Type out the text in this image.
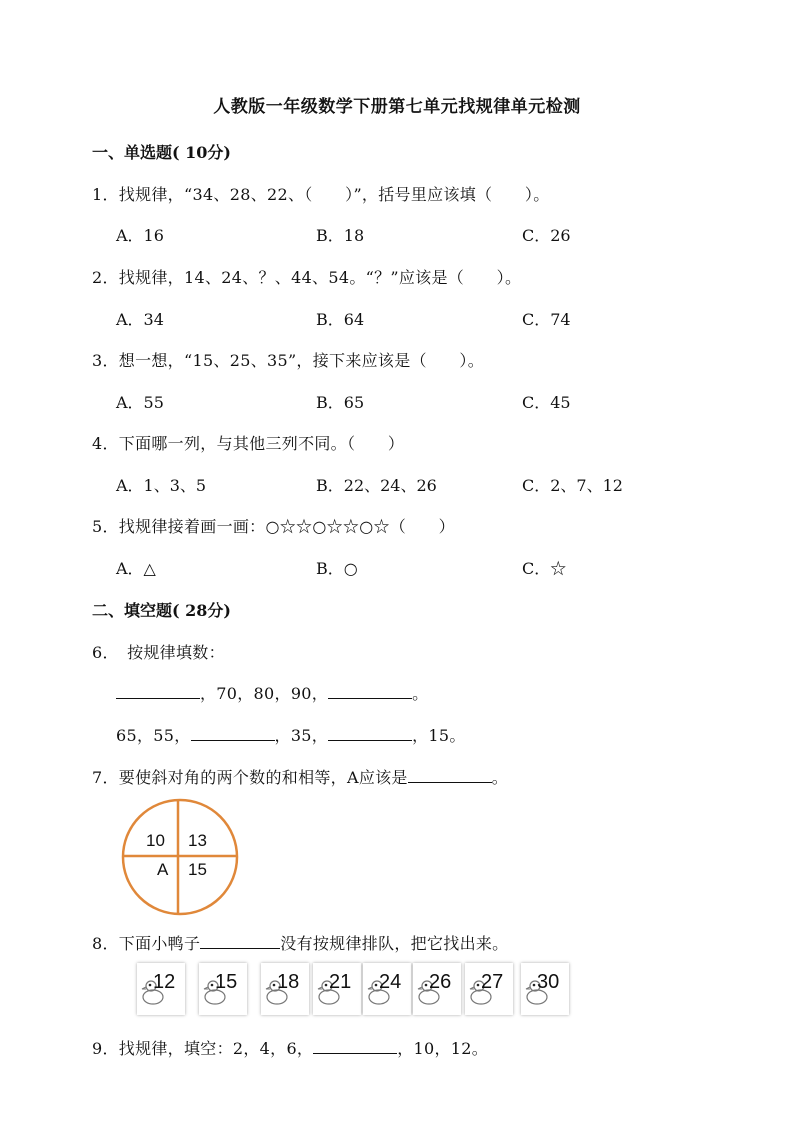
人教版一年级数学下册第七单元找规律单元检测
一、单选题( 10分)
1．找规律，“34、28、22、（　　）”，括号里应该填（　　）。
A．16	B．18	C．26
2．找规律，14、24、？、44、54。“？”应该是（　　）。
A．34	B．64	C．74
3．想一想，“15、25、35”，接下来应该是（　　）。
A．55	B．65	C．45
4．下面哪一列，与其他三列不同。（　　）
A．1、3、5	B．22、24、26	C．2、7、12
5．找规律接着画一画：○☆☆○☆☆○☆（　　）
A．△	B．○	C．☆
二、填空题( 28分)
6．　按规律填数：
，70，80，90，	。
65，55，	，35，	，15。
7．要使斜对角的两个数的和相等，A应该是	。
10 13
A 15
8．下面小鸭子	没有按规律排队，把它找出来。
12 15 18 21 24 26 27 30
9．找规律，填空：2，4，6，	，10，12。
